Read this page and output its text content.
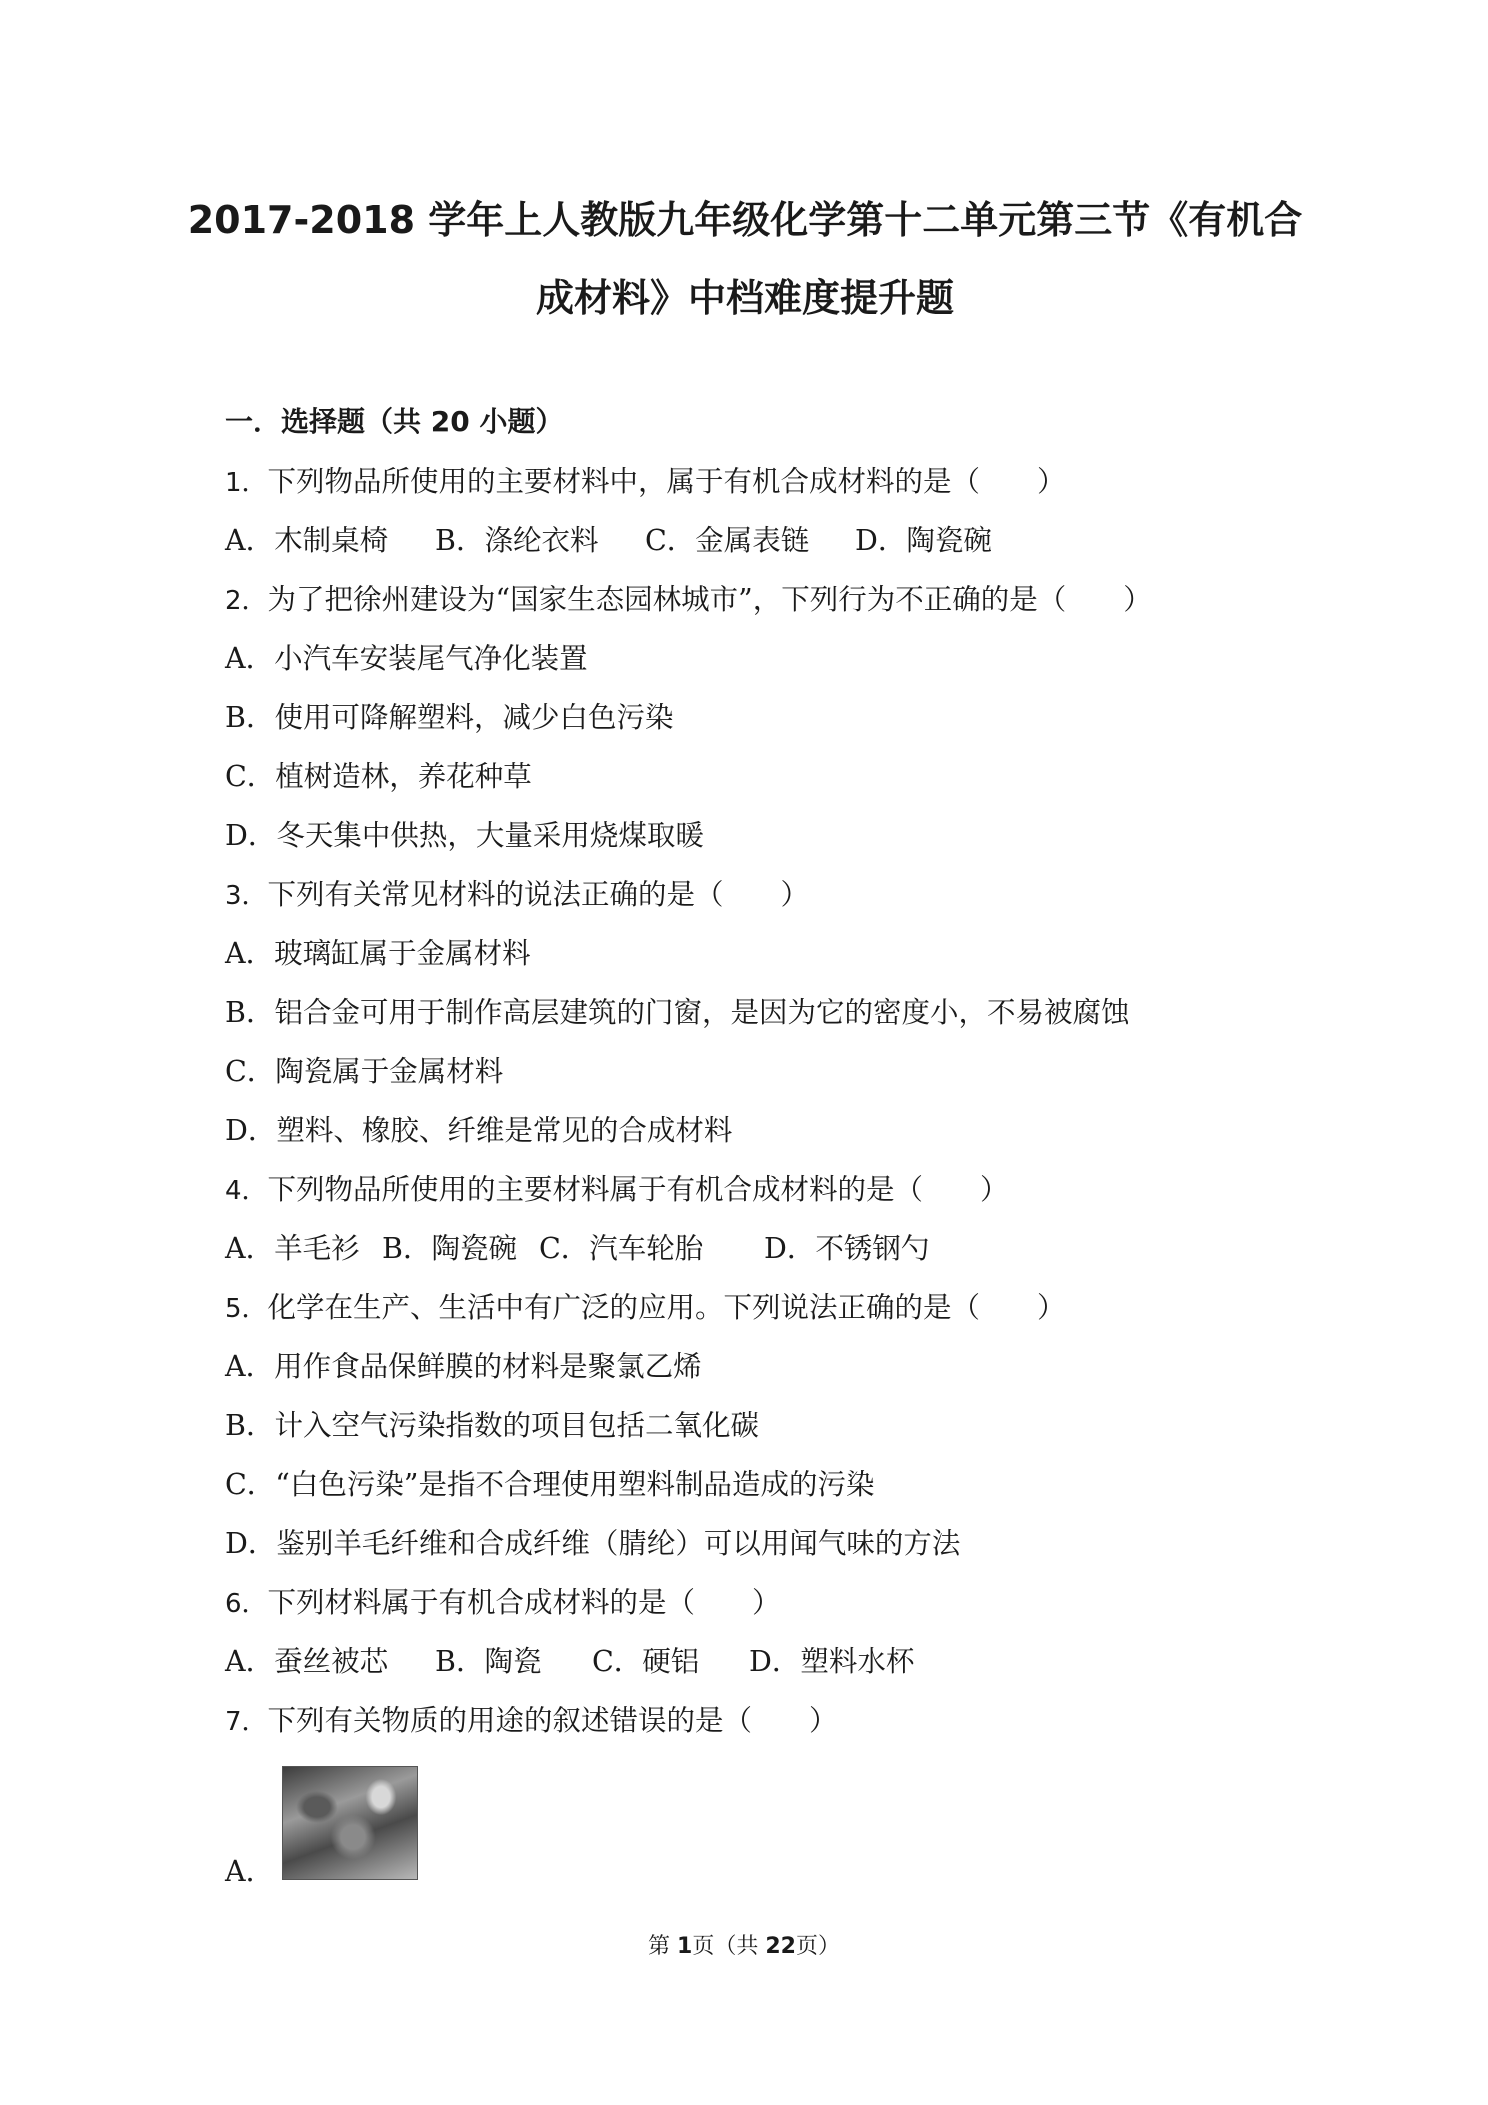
2017-2018 学年上人教版九年级化学第十二单元第三节《有机合
成材料》中档难度提升题
一．选择题（共 20 小题）
1．下列物品所使用的主要材料中，属于有机合成材料的是（　　）
A．木制桌椅 B．涤纶衣料 C．金属表链 D．陶瓷碗
2．为了把徐州建设为“国家生态园林城市”，下列行为不正确的是（　　）
A．小汽车安装尾气净化装置
B．使用可降解塑料，减少白色污染
C．植树造林，养花种草
D．冬天集中供热，大量采用烧煤取暖
3．下列有关常见材料的说法正确的是（　　）
A．玻璃缸属于金属材料
B．铝合金可用于制作高层建筑的门窗，是因为它的密度小，不易被腐蚀
C．陶瓷属于金属材料
D．塑料、橡胶、纤维是常见的合成材料
4．下列物品所使用的主要材料属于有机合成材料的是（　　）
A．羊毛衫 B．陶瓷碗 C．汽车轮胎 D．不锈钢勺
5．化学在生产、生活中有广泛的应用。下列说法正确的是（　　）
A．用作食品保鲜膜的材料是聚氯乙烯
B．计入空气污染指数的项目包括二氧化碳
C．“白色污染”是指不合理使用塑料制品造成的污染
D．鉴别羊毛纤维和合成纤维（腈纶）可以用闻气味的方法
6．下列材料属于有机合成材料的是（　　）
A．蚕丝被芯 B．陶瓷 C．硬铝 D．塑料水杯
7．下列有关物质的用途的叙述错误的是（　　）
A．
第 1页（共 22页）
